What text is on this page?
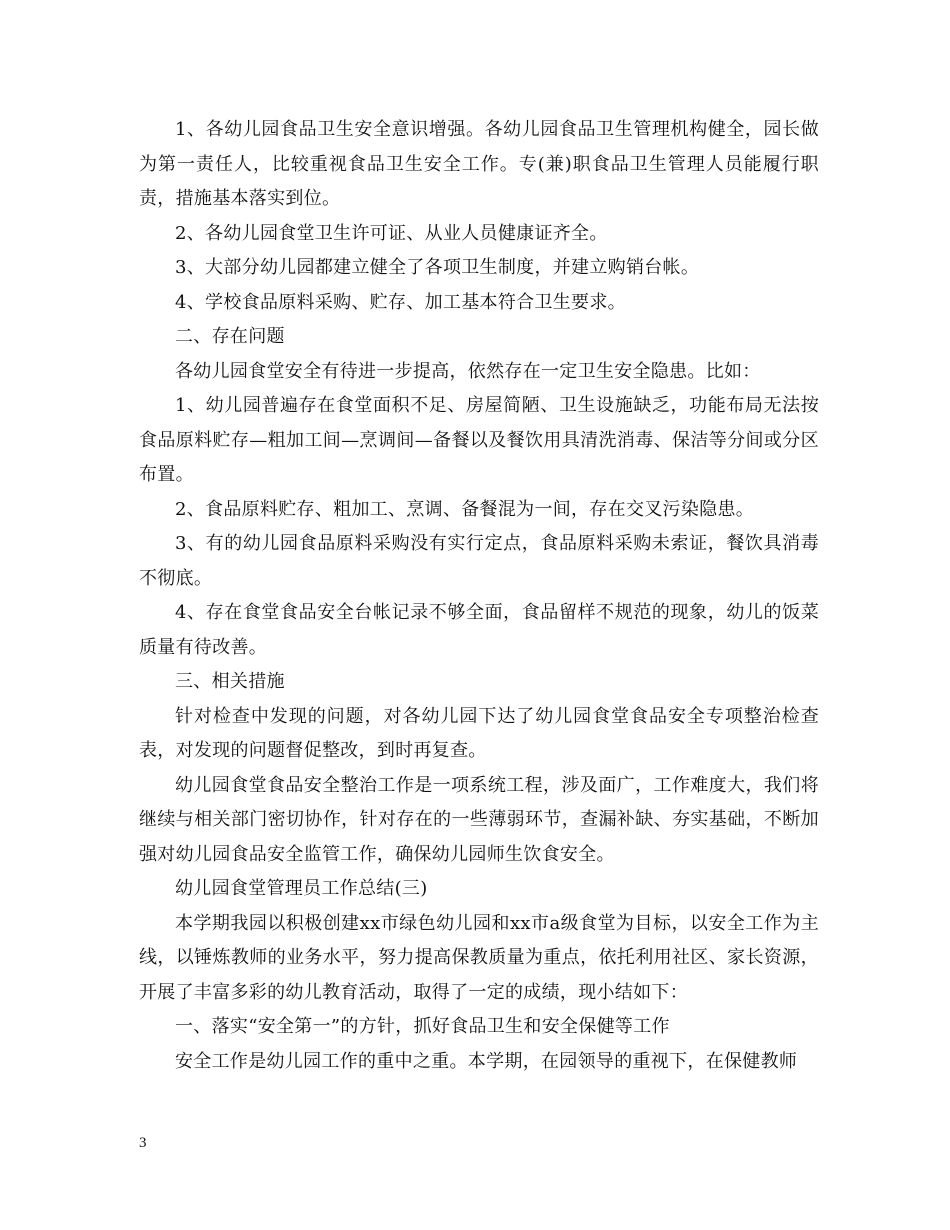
1、各幼儿园食品卫生安全意识增强。各幼儿园食品卫生管理机构健全，园长做为第一责任人，比较重视食品卫生安全工作。专(兼)职食品卫生管理人员能履行职责，措施基本落实到位。

2、各幼儿园食堂卫生许可证、从业人员健康证齐全。

3、大部分幼儿园都建立健全了各项卫生制度，并建立购销台帐。

4、学校食品原料采购、贮存、加工基本符合卫生要求。

二、存在问题

各幼儿园食堂安全有待进一步提高，依然存在一定卫生安全隐患。比如：

1、幼儿园普遍存在食堂面积不足、房屋简陋、卫生设施缺乏，功能布局无法按食品原料贮存—粗加工间—烹调间—备餐以及餐饮用具清洗消毒、保洁等分间或分区布置。

2、食品原料贮存、粗加工、烹调、备餐混为一间，存在交叉污染隐患。

3、有的幼儿园食品原料采购没有实行定点，食品原料采购未索证，餐饮具消毒不彻底。

4、存在食堂食品安全台帐记录不够全面，食品留样不规范的现象，幼儿的饭菜质量有待改善。

三、相关措施

针对检查中发现的问题，对各幼儿园下达了幼儿园食堂食品安全专项整治检查表，对发现的问题督促整改，到时再复查。

幼儿园食堂食品安全整治工作是一项系统工程，涉及面广，工作难度大，我们将继续与相关部门密切协作，针对存在的一些薄弱环节，查漏补缺、夯实基础，不断加强对幼儿园食品安全监管工作，确保幼儿园师生饮食安全。

幼儿园食堂管理员工作总结(三)

本学期我园以积极创建xx市绿色幼儿园和xx市a级食堂为目标，以安全工作为主线，以锤炼教师的业务水平，努力提高保教质量为重点，依托利用社区、家长资源，开展了丰富多彩的幼儿教育活动，取得了一定的成绩，现小结如下：

一、落实“安全第一”的方针，抓好食品卫生和安全保健等工作

安全工作是幼儿园工作的重中之重。本学期，在园领导的重视下，在保健教师

3
